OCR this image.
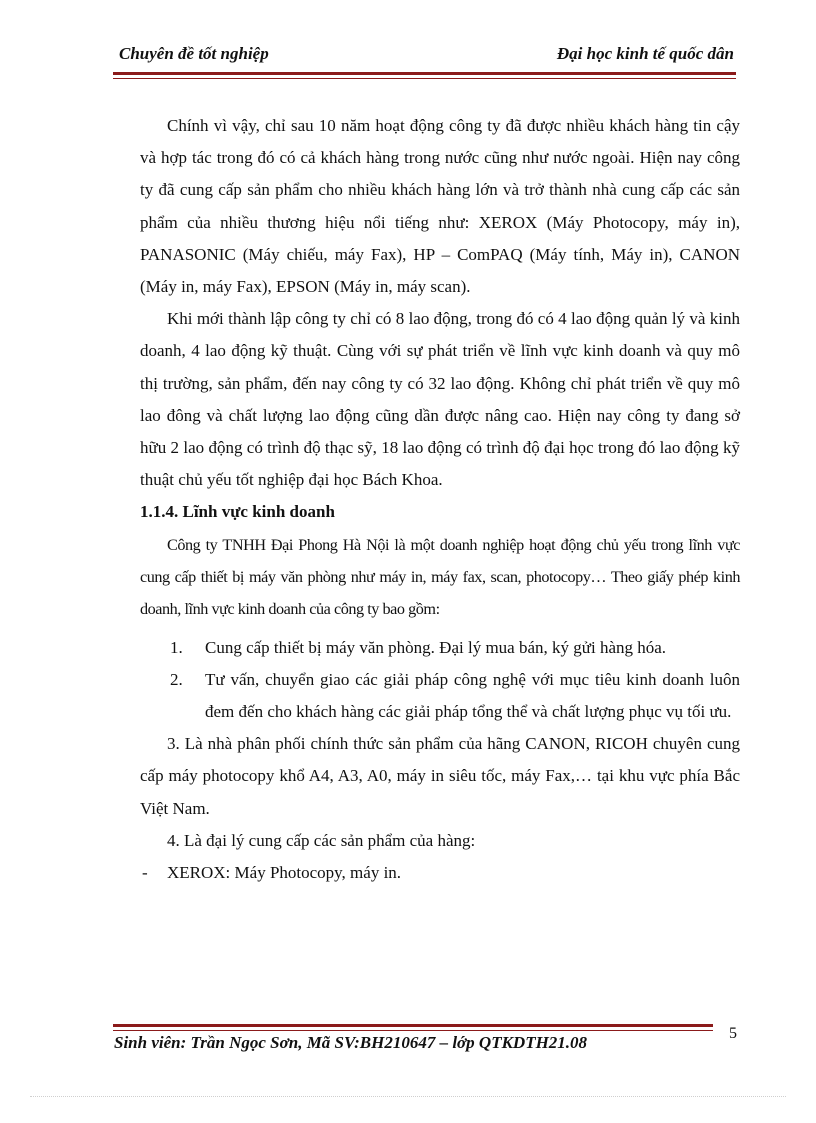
Chuyên đề tốt nghiệp	Đại học kinh tế quốc dân

Chính vì vậy, chỉ sau 10 năm hoạt động công ty đã được nhiều khách hàng tin cậy và hợp tác trong đó có cả khách hàng trong nước cũng như nước ngoài. Hiện nay công ty đã cung cấp sản phẩm cho nhiều khách hàng lớn và trở thành nhà cung cấp các sản phẩm của nhiều thương hiệu nổi tiếng như: XEROX (Máy Photocopy, máy in), PANASONIC (Máy chiếu, máy Fax), HP – ComPAQ (Máy tính, Máy in), CANON (Máy in, máy Fax), EPSON (Máy in, máy scan).

Khi mới thành lập công ty chỉ có 8 lao động, trong đó có 4 lao động quản lý và kinh doanh, 4 lao động kỹ thuật. Cùng với sự phát triển về lĩnh vực kinh doanh và quy mô thị trường, sản phẩm, đến nay công ty có 32 lao động. Không chỉ phát triển về quy mô lao đông và chất lượng lao động cũng dần được nâng cao. Hiện nay công ty đang sở hữu 2 lao động có trình độ thạc sỹ, 18 lao động có trình độ đại học trong đó lao động kỹ thuật chủ yếu tốt nghiệp đại học Bách Khoa.

1.1.4. Lĩnh vực kinh doanh

Công ty TNHH Đại Phong Hà Nội là một doanh nghiệp hoạt động chủ yếu trong lĩnh vực cung cấp thiết bị máy văn phòng như máy in, máy fax, scan, photocopy… Theo giấy phép kinh doanh, lĩnh vực kinh doanh của công ty bao gồm:

1. Cung cấp thiết bị máy văn phòng. Đại lý mua bán, ký gửi hàng hóa.
2. Tư vấn, chuyển giao các giải pháp công nghệ với mục tiêu kinh doanh luôn đem đến cho khách hàng các giải pháp tổng thể và chất lượng phục vụ tối ưu.

3. Là nhà phân phối chính thức sản phẩm của hãng CANON, RICOH chuyên cung cấp máy photocopy khổ A4, A3, A0, máy in siêu tốc, máy Fax,… tại khu vực phía Bắc Việt Nam.

4. Là đại lý cung cấp các sản phẩm của hàng:

- XEROX: Máy Photocopy, máy in.
5
Sinh viên: Trần Ngọc Sơn, Mã SV:BH210647 – lớp QTKDTH21.08
